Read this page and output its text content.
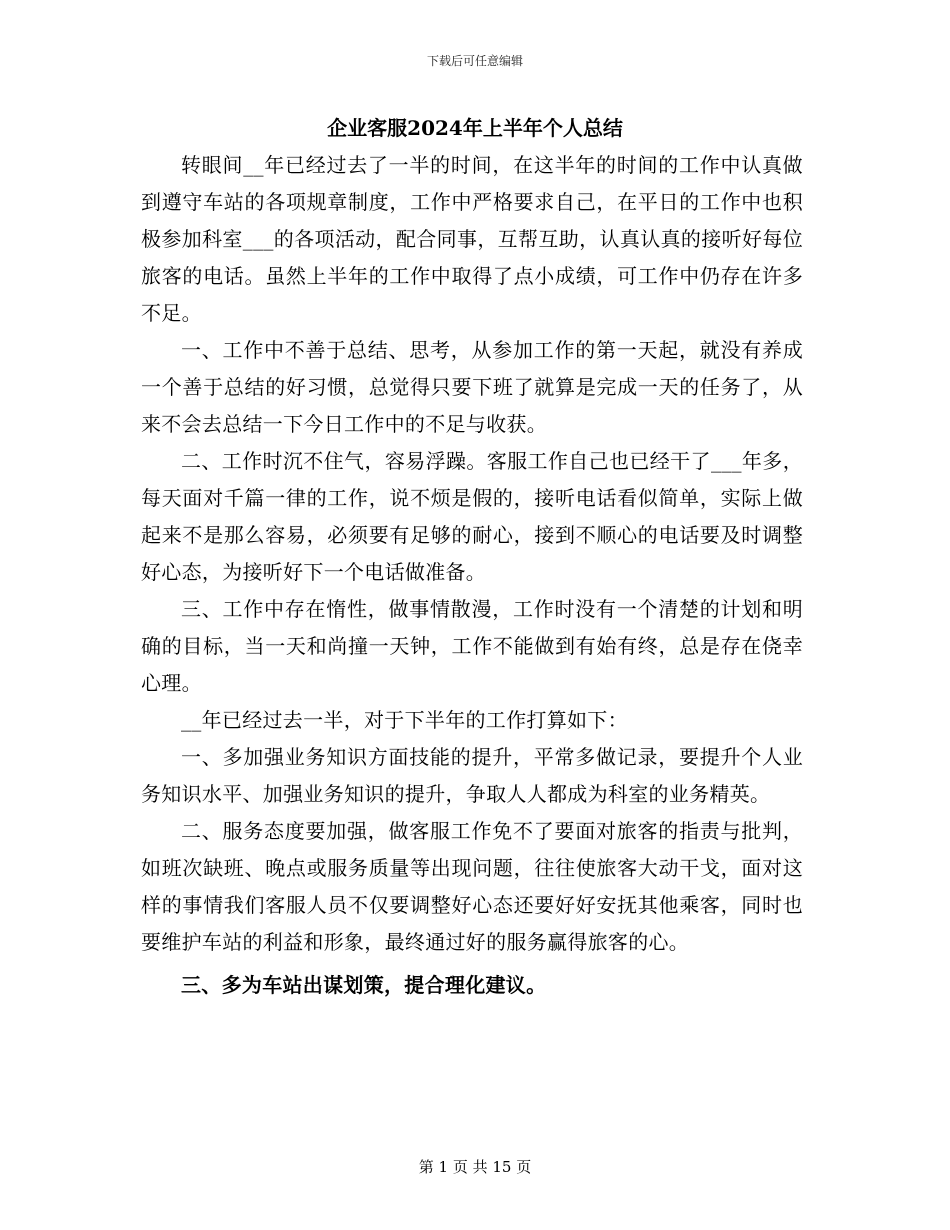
下载后可任意编辑
企业客服2024年上半年个人总结

转眼间__年已经过去了一半的时间，在这半年的时间的工作中认真做到遵守车站的各项规章制度，工作中严格要求自己，在平日的工作中也积极参加科室___的各项活动，配合同事，互帮互助，认真认真的接听好每位旅客的电话。虽然上半年的工作中取得了点小成绩，可工作中仍存在许多不足。

一、工作中不善于总结、思考，从参加工作的第一天起，就没有养成一个善于总结的好习惯，总觉得只要下班了就算是完成一天的任务了，从来不会去总结一下今日工作中的不足与收获。

二、工作时沉不住气，容易浮躁。客服工作自己也已经干了___年多，每天面对千篇一律的工作，说不烦是假的，接听电话看似简单，实际上做起来不是那么容易，必须要有足够的耐心，接到不顺心的电话要及时调整好心态，为接听好下一个电话做准备。

三、工作中存在惰性，做事情散漫，工作时没有一个清楚的计划和明确的目标，当一天和尚撞一天钟，工作不能做到有始有终，总是存在侥幸心理。

__年已经过去一半，对于下半年的工作打算如下：

一、多加强业务知识方面技能的提升，平常多做记录，要提升个人业务知识水平、加强业务知识的提升，争取人人都成为科室的业务精英。

二、服务态度要加强，做客服工作免不了要面对旅客的指责与批判，如班次缺班、晚点或服务质量等出现问题，往往使旅客大动干戈，面对这样的事情我们客服人员不仅要调整好心态还要好好安抚其他乘客，同时也要维护车站的利益和形象，最终通过好的服务赢得旅客的心。

三、多为车站出谋划策，提合理化建议。

第 1 页 共 15 页
